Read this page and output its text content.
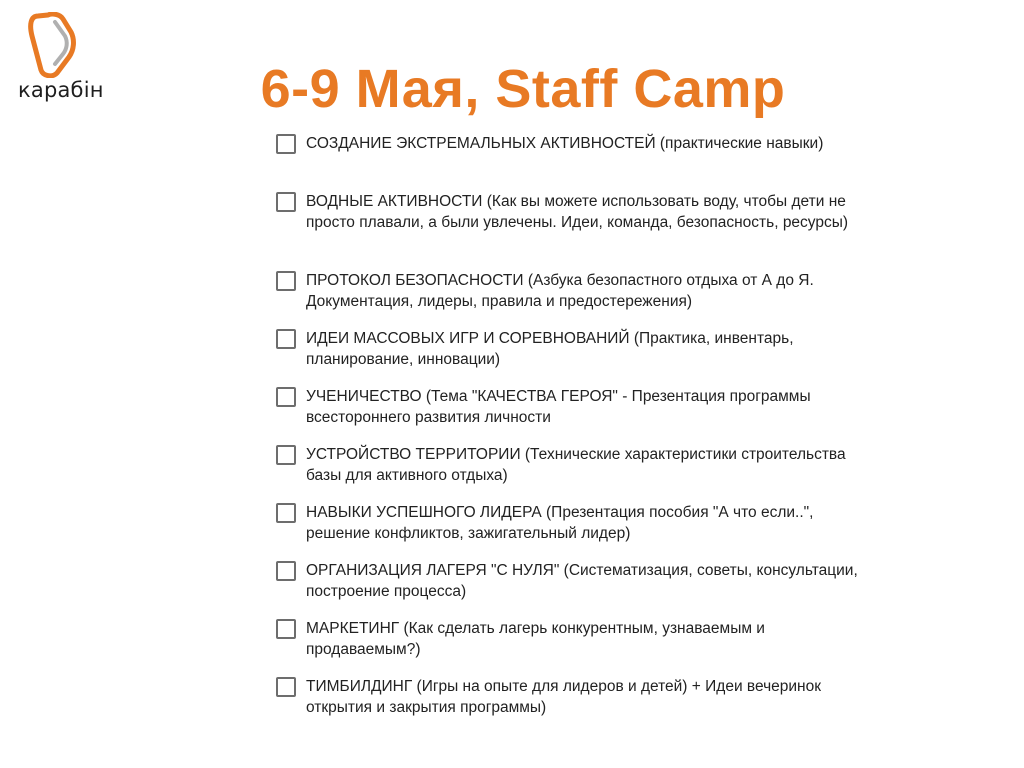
карабін	6-9 Мая, Staff Camp
СОЗДАНИЕ ЭКСТРЕМАЛЬНЫХ АКТИВНОСТЕЙ (практические навыки)
ВОДНЫЕ АКТИВНОСТИ (Как вы можете использовать воду, чтобы дети не просто плавали, а были увлечены. Идеи, команда, безопасность, ресурсы)
ПРОТОКОЛ БЕЗОПАСНОСТИ (Азбука безопастного отдыха от А до Я. Документация, лидеры, правила и предостережения)
ИДЕИ МАССОВЫХ ИГР И СОРЕВНОВАНИЙ (Практика, инвентарь, планирование, инновации)
УЧЕНИЧЕСТВО (Тема "КАЧЕСТВА ГЕРОЯ" - Презентация программы всестороннего развития личности
УСТРОЙСТВО ТЕРРИТОРИИ (Технические характеристики строительства базы для активного отдыха)
НАВЫКИ УСПЕШНОГО ЛИДЕРА (Презентация пособия "А что если..", решение конфликтов, зажигательный лидер)
ОРГАНИЗАЦИЯ ЛАГЕРЯ "С НУЛЯ" (Систематизация, советы, консультации, построение процесса)
МАРКЕТИНГ (Как сделать лагерь конкурентным, узнаваемым и продаваемым?)
ТИМБИЛДИНГ (Игры на опыте для лидеров и детей) + Идеи вечеринок открытия и закрытия программы)
